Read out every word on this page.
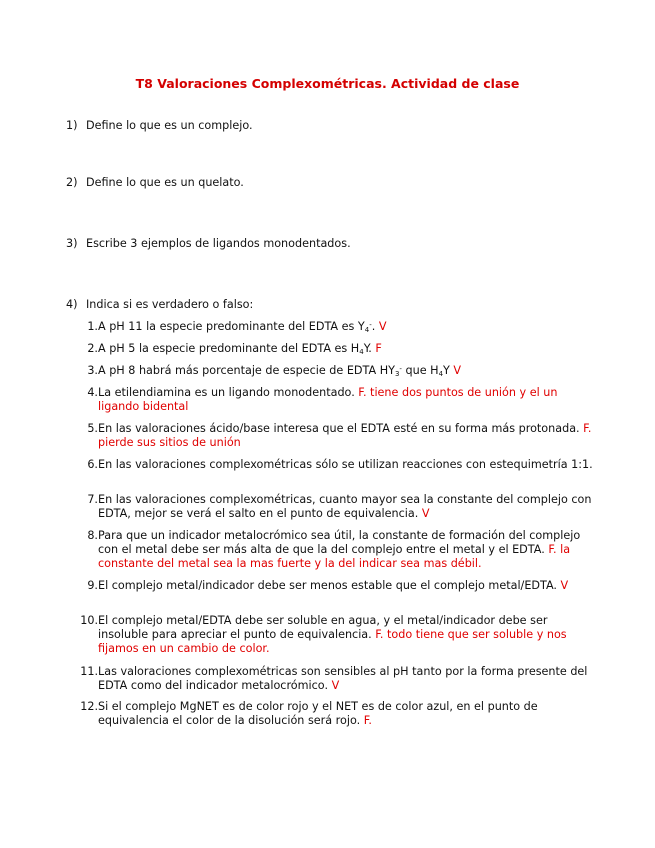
T8 Valoraciones Complexométricas. Actividad de clase
1) Define lo que es un complejo.
2) Define lo que es un quelato.
3) Escribe 3 ejemplos de ligandos monodentados.
4) Indica si es verdadero o falso:
1. A pH 11 la especie predominante del EDTA es $Y_4^-$. V
2. A pH 5 la especie predominante del EDTA es $H_4Y$. F
3. A pH 8 habrá más porcentaje de especie de EDTA $HY_3^-$ que $H_4Y$ V
4. La etilendiamina es un ligando monodentado. F. tiene dos puntos de unión y el un ligando bidental
5. En las valoraciones ácido/base interesa que el EDTA esté en su forma más protonada. F. pierde sus sitios de unión
6. En las valoraciones complexométricas sólo se utilizan reacciones con estequimetría 1:1.
7. En las valoraciones complexométricas, cuanto mayor sea la constante del complejo con EDTA, mejor se verá el salto en el punto de equivalencia. V
8. Para que un indicador metalocrómico sea útil, la constante de formación del complejo con el metal debe ser más alta de que la del complejo entre el metal y el EDTA. F. la constante del metal sea la mas fuerte y la del indicar sea mas débil.
9. El complejo metal/indicador debe ser menos estable que el complejo metal/EDTA. V
10. El complejo metal/EDTA debe ser soluble en agua, y el metal/indicador debe ser insoluble para apreciar el punto de equivalencia. F. todo tiene que ser soluble y nos fijamos en un cambio de color.
11. Las valoraciones complexométricas son sensibles al pH tanto por la forma presente del EDTA como del indicador metalocrómico. V
12. Si el complejo MgNET es de color rojo y el NET es de color azul, en el punto de equivalencia el color de la disolución será rojo. F.
